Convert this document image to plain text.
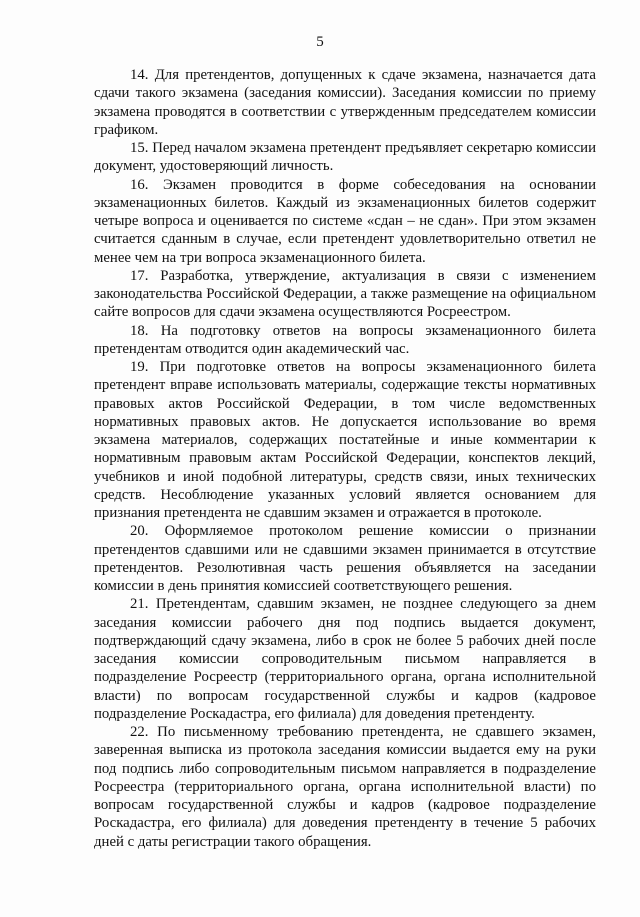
5

14. Для претендентов, допущенных к сдаче экзамена, назначается дата сдачи такого экзамена (заседания комиссии). Заседания комиссии по приему экзамена проводятся в соответствии с утвержденным председателем комиссии графиком.

15. Перед началом экзамена претендент предъявляет секретарю комиссии документ, удостоверяющий личность.

16. Экзамен проводится в форме собеседования на основании экзаменационных билетов. Каждый из экзаменационных билетов содержит четыре вопроса и оценивается по системе «сдан – не сдан». При этом экзамен считается сданным в случае, если претендент удовлетворительно ответил не менее чем на три вопроса экзаменационного билета.

17. Разработка, утверждение, актуализация в связи с изменением законодательства Российской Федерации, а также размещение на официальном сайте вопросов для сдачи экзамена осуществляются Росреестром.

18. На подготовку ответов на вопросы экзаменационного билета претендентам отводится один академический час.

19. При подготовке ответов на вопросы экзаменационного билета претендент вправе использовать материалы, содержащие тексты нормативных правовых актов Российской Федерации, в том числе ведомственных нормативных правовых актов. Не допускается использование во время экзамена материалов, содержащих постатейные и иные комментарии к нормативным правовым актам Российской Федерации, конспектов лекций, учебников и иной подобной литературы, средств связи, иных технических средств. Несоблюдение указанных условий является основанием для признания претендента не сдавшим экзамен и отражается в протоколе.

20. Оформляемое протоколом решение комиссии о признании претендентов сдавшими или не сдавшими экзамен принимается в отсутствие претендентов. Резолютивная часть решения объявляется на заседании комиссии в день принятия комиссией соответствующего решения.

21. Претендентам, сдавшим экзамен, не позднее следующего за днем заседания комиссии рабочего дня под подпись выдается документ, подтверждающий сдачу экзамена, либо в срок не более 5 рабочих дней после заседания комиссии сопроводительным письмом направляется в подразделение Росреестр (территориального органа, органа исполнительной власти) по вопросам государственной службы и кадров (кадровое подразделение Роскадастра, его филиала) для доведения претенденту.

22. По письменному требованию претендента, не сдавшего экзамен, заверенная выписка из протокола заседания комиссии выдается ему на руки под подпись либо сопроводительным письмом направляется в подразделение Росреестра (территориального органа, органа исполнительной власти) по вопросам государственной службы и кадров (кадровое подразделение Роскадастра, его филиала) для доведения претенденту в течение 5 рабочих дней с даты регистрации такого обращения.
